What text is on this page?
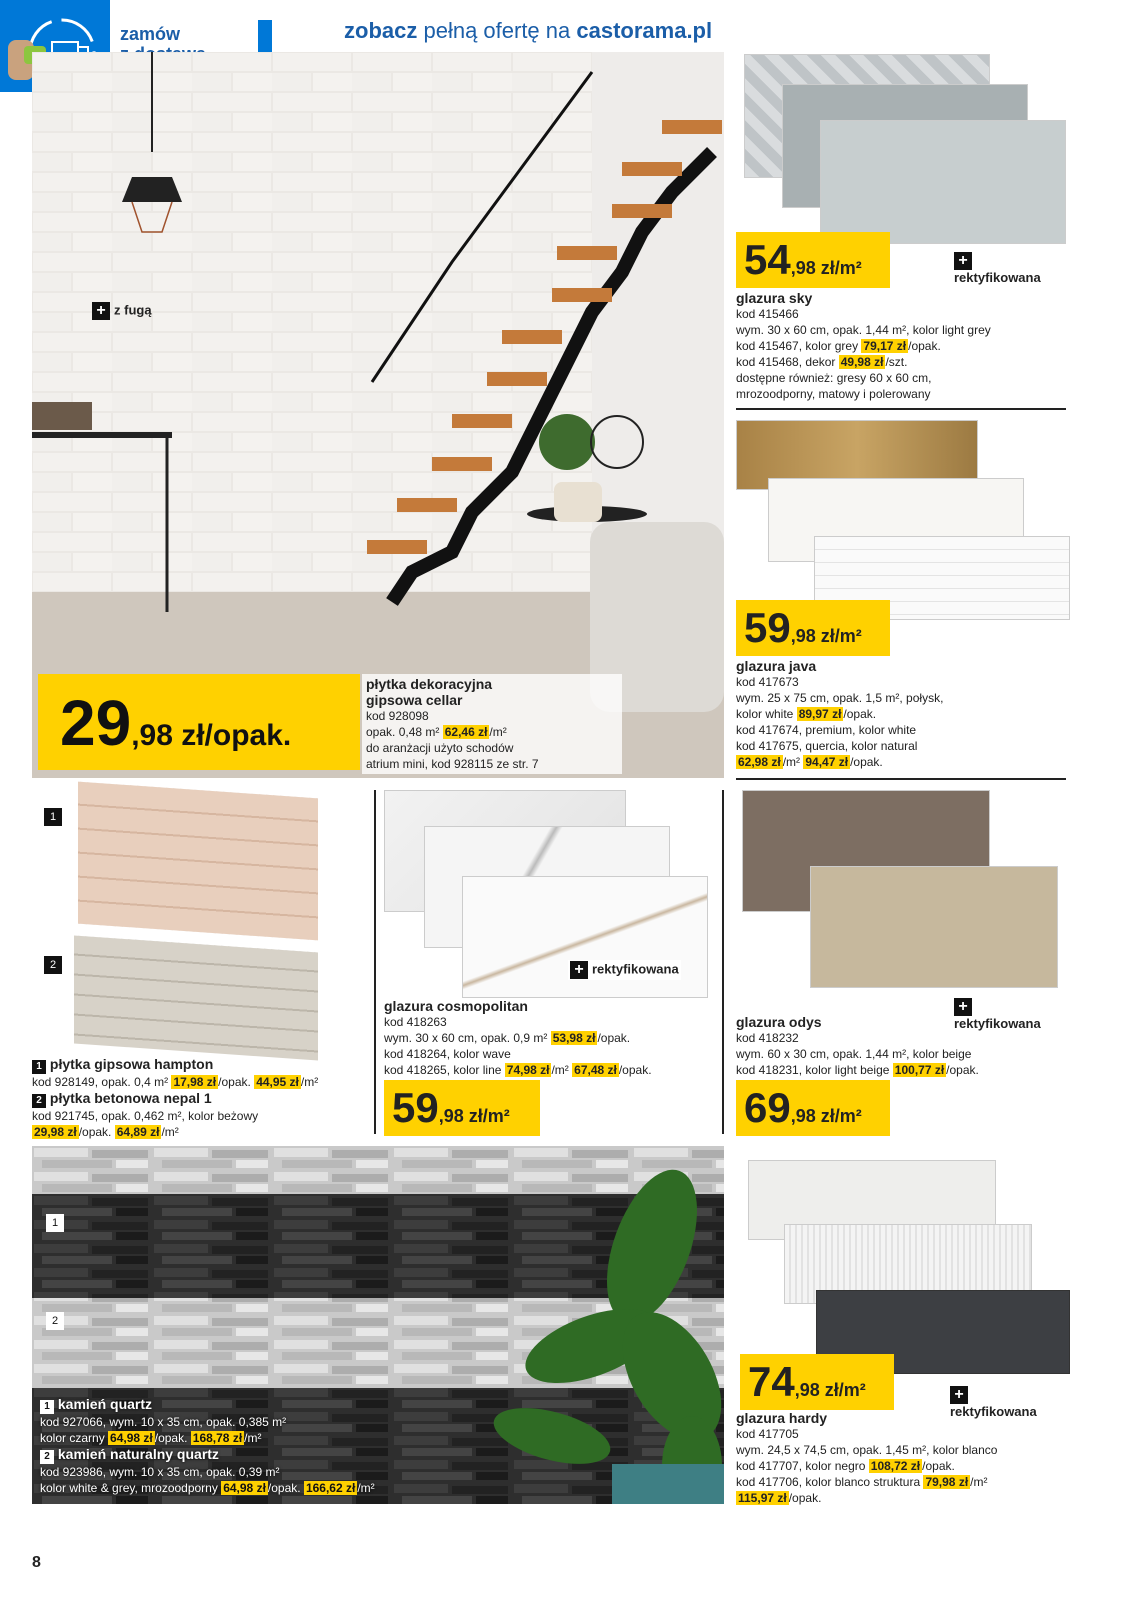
zamów	zobacz pełną ofertę na castorama.pl
+ z fugą
29,98 zł/opak.
płytka dekoracyjna
gipsowa cellar
kod 928098
opak. 0,48 m² 62,46 zł /m²
do aranżacji użyto schodów
atrium mini, kod 928115 ze str. 7
54,98 zł/m²	+
rektyfikowana
glazura sky
kod 415466
wym. 30 x 60 cm, opak. 1,44 m², kolor light grey
kod 415467, kolor grey 79,17 zł /opak.
kod 415468, dekor 49,98 zł /szt.
dostępne również: gresy 60 x 60 cm,
mrozoodporny, matowy i polerowany
59,98 zł/m²
glazura java
kod 417673
wym. 25 x 75 cm, opak. 1,5 m², połysk,
kolor white 89,97 zł /opak.
kod 417674, premium, kolor white
kod 417675, quercia, kolor natural
62,98 zł /m² 94,47 zł /opak.
1
2
1 płytka gipsowa hampton
kod 928149, opak. 0,4 m² 17,98 zł /opak. 44,95 zł /m²
2 płytka betonowa nepal 1
kod 921745, opak. 0,462 m², kolor beżowy
29,98 zł /opak. 64,89 zł /m²
+ rektyfikowana
glazura cosmopolitan
kod 418263
wym. 30 x 60 cm, opak. 0,9 m² 53,98 zł /opak.
kod 418264, kolor wave
kod 418265, kolor line 74,98 zł /m² 67,48 zł /opak.
59,98 zł/m²
+
rektyfikowana
glazura odys
kod 418232
wym. 60 x 30 cm, opak. 1,44 m², kolor beige
kod 418231, kolor light beige 100,77 zł /opak.
69,98 zł/m²
1
2
1 kamień quartz
kod 927066, wym. 10 x 35 cm, opak. 0,385 m²
kolor czarny 64,98 zł /opak. 168,78 zł /m²
2 kamień naturalny quartz
kod 923986, wym. 10 x 35 cm, opak. 0,39 m²
kolor white & grey, mrozoodporny 64,98 zł /opak. 166,62 zł /m²
74,98 zł/m²	+
rektyfikowana
glazura hardy
kod 417705
wym. 24,5 x 74,5 cm, opak. 1,45 m², kolor blanco
kod 417707, kolor negro 108,72 zł /opak.
kod 417706, kolor blanco struktura 79,98 zł /m²
115,97 zł /opak.
8
